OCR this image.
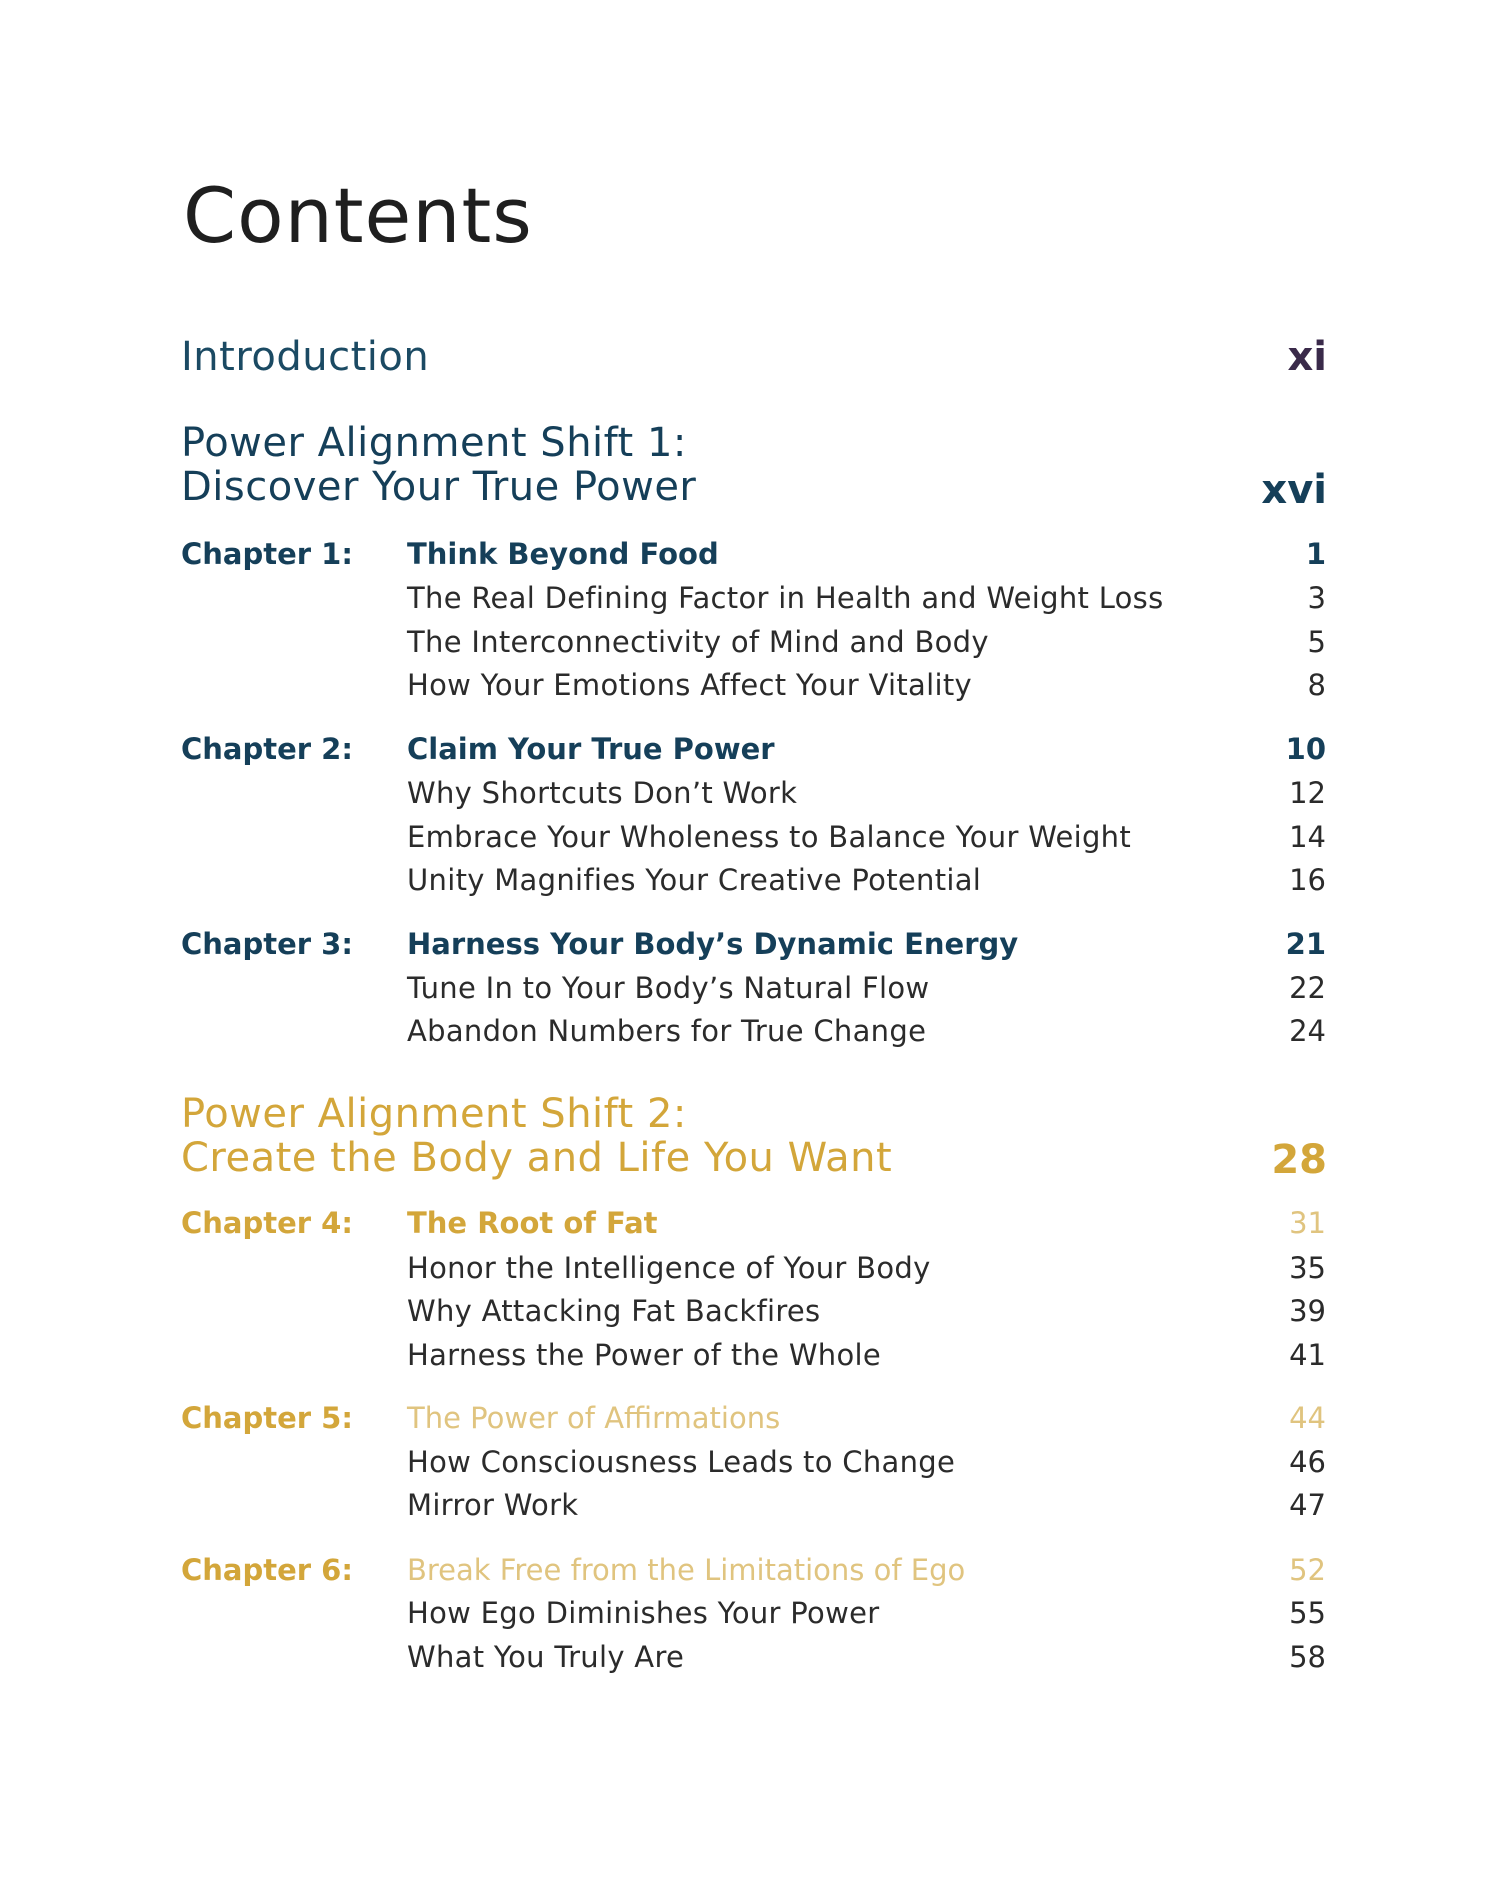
Contents
Introduction	xi
Power Alignment Shift 1:
Discover Your True Power	xvi
Chapter 1: Think Beyond Food	1
The Real Defining Factor in Health and Weight Loss	3
The Interconnectivity of Mind and Body	5
How Your Emotions Affect Your Vitality	8
Chapter 2: Claim Your True Power	10
Why Shortcuts Don’t Work	12
Embrace Your Wholeness to Balance Your Weight	14
Unity Magnifies Your Creative Potential	16
Chapter 3: Harness Your Body’s Dynamic Energy	21
Tune In to Your Body’s Natural Flow	22
Abandon Numbers for True Change	24
Power Alignment Shift 2:
Create the Body and Life You Want	28
Chapter 4: The Root of Fat	31
Honor the Intelligence of Your Body	35
Why Attacking Fat Backfires	39
Harness the Power of the Whole	41
Chapter 5: The Power of Affirmations	44
How Consciousness Leads to Change	46
Mirror Work	47
Chapter 6: Break Free from the Limitations of Ego	52
How Ego Diminishes Your Power	55
What You Truly Are	58
